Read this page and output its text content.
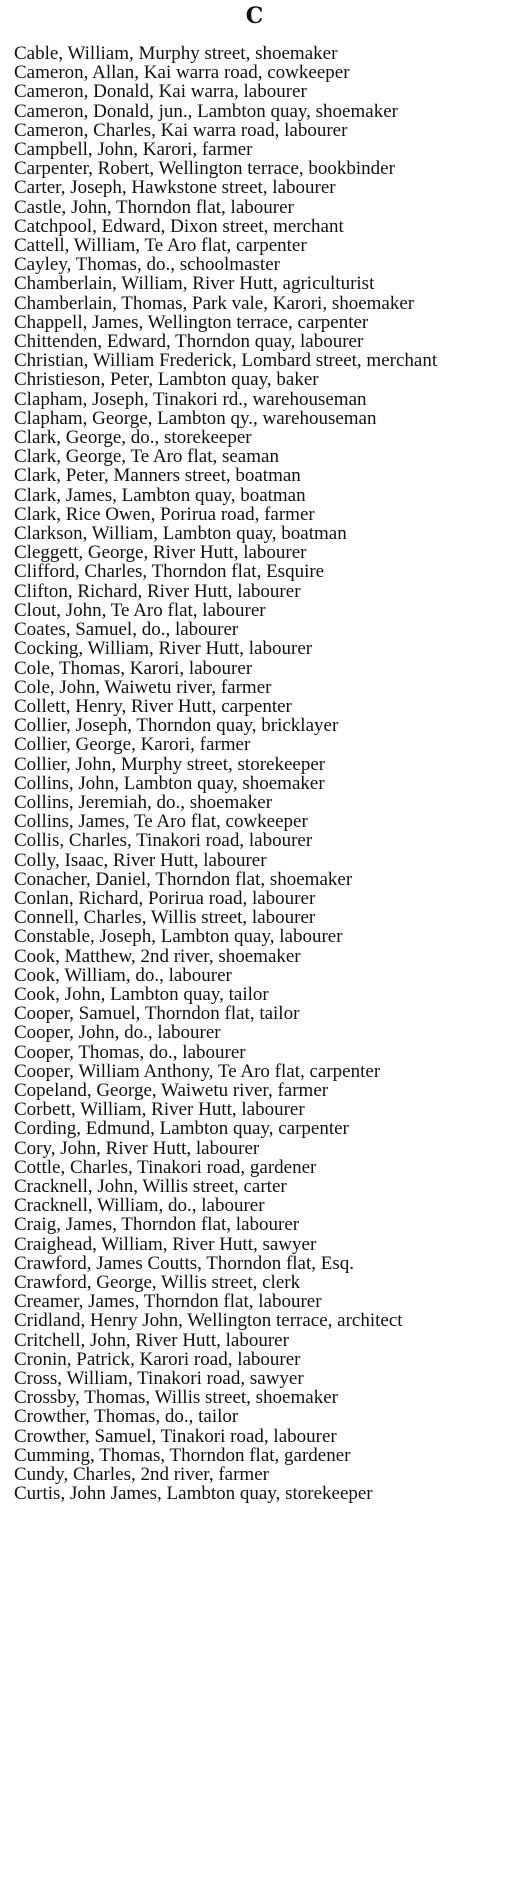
C
Cable, William, Murphy street, shoemaker
Cameron, Allan, Kai warra road, cowkeeper
Cameron, Donald, Kai warra, labourer
Cameron, Donald, jun., Lambton quay, shoemaker
Cameron, Charles, Kai warra road, labourer
Campbell, John, Karori, farmer
Carpenter, Robert, Wellington terrace, bookbinder
Carter, Joseph, Hawkstone street, labourer
Castle, John, Thorndon flat, labourer
Catchpool, Edward, Dixon street, merchant
Cattell, William, Te Aro flat, carpenter
Cayley, Thomas, do., schoolmaster
Chamberlain, William, River Hutt, agriculturist
Chamberlain, Thomas, Park vale, Karori, shoemaker
Chappell, James, Wellington terrace, carpenter
Chittenden, Edward, Thorndon quay, labourer
Christian, William Frederick, Lombard street, merchant
Christieson, Peter, Lambton quay, baker
Clapham, Joseph, Tinakori rd., warehouseman
Clapham, George, Lambton qy., warehouseman
Clark, George, do., storekeeper
Clark, George, Te Aro flat, seaman
Clark, Peter, Manners street, boatman
Clark, James, Lambton quay, boatman
Clark, Rice Owen, Porirua road, farmer
Clarkson, William, Lambton quay, boatman
Cleggett, George, River Hutt, labourer
Clifford, Charles, Thorndon flat, Esquire
Clifton, Richard, River Hutt, labourer
Clout, John, Te Aro flat, labourer
Coates, Samuel, do., labourer
Cocking, William, River Hutt, labourer
Cole, Thomas, Karori, labourer
Cole, John, Waiwetu river, farmer
Collett, Henry, River Hutt, carpenter
Collier, Joseph, Thorndon quay, bricklayer
Collier, George, Karori, farmer
Collier, John, Murphy street, storekeeper
Collins, John, Lambton quay, shoemaker
Collins, Jeremiah, do., shoemaker
Collins, James, Te Aro flat, cowkeeper
Collis, Charles, Tinakori road, labourer
Colly, Isaac, River Hutt, labourer
Conacher, Daniel, Thorndon flat, shoemaker
Conlan, Richard, Porirua road, labourer
Connell, Charles, Willis street, labourer
Constable, Joseph, Lambton quay, labourer
Cook, Matthew, 2nd river, shoemaker
Cook, William, do., labourer
Cook, John, Lambton quay, tailor
Cooper, Samuel, Thorndon flat, tailor
Cooper, John, do., labourer
Cooper, Thomas, do., labourer
Cooper, William Anthony, Te Aro flat, carpenter
Copeland, George, Waiwetu river, farmer
Corbett, William, River Hutt, labourer
Cording, Edmund, Lambton quay, carpenter
Cory, John, River Hutt, labourer
Cottle, Charles, Tinakori road, gardener
Cracknell, John, Willis street, carter
Cracknell, William, do., labourer
Craig, James, Thorndon flat, labourer
Craighead, William, River Hutt, sawyer
Crawford, James Coutts, Thorndon flat, Esq.
Crawford, George, Willis street, clerk
Creamer, James, Thorndon flat, labourer
Cridland, Henry John, Wellington terrace, architect
Critchell, John, River Hutt, labourer
Cronin, Patrick, Karori road, labourer
Cross, William, Tinakori road, sawyer
Crossby, Thomas, Willis street, shoemaker
Crowther, Thomas, do., tailor
Crowther, Samuel, Tinakori road, labourer
Cumming, Thomas, Thorndon flat, gardener
Cundy, Charles, 2nd river, farmer
Curtis, John James, Lambton quay, storekeeper
